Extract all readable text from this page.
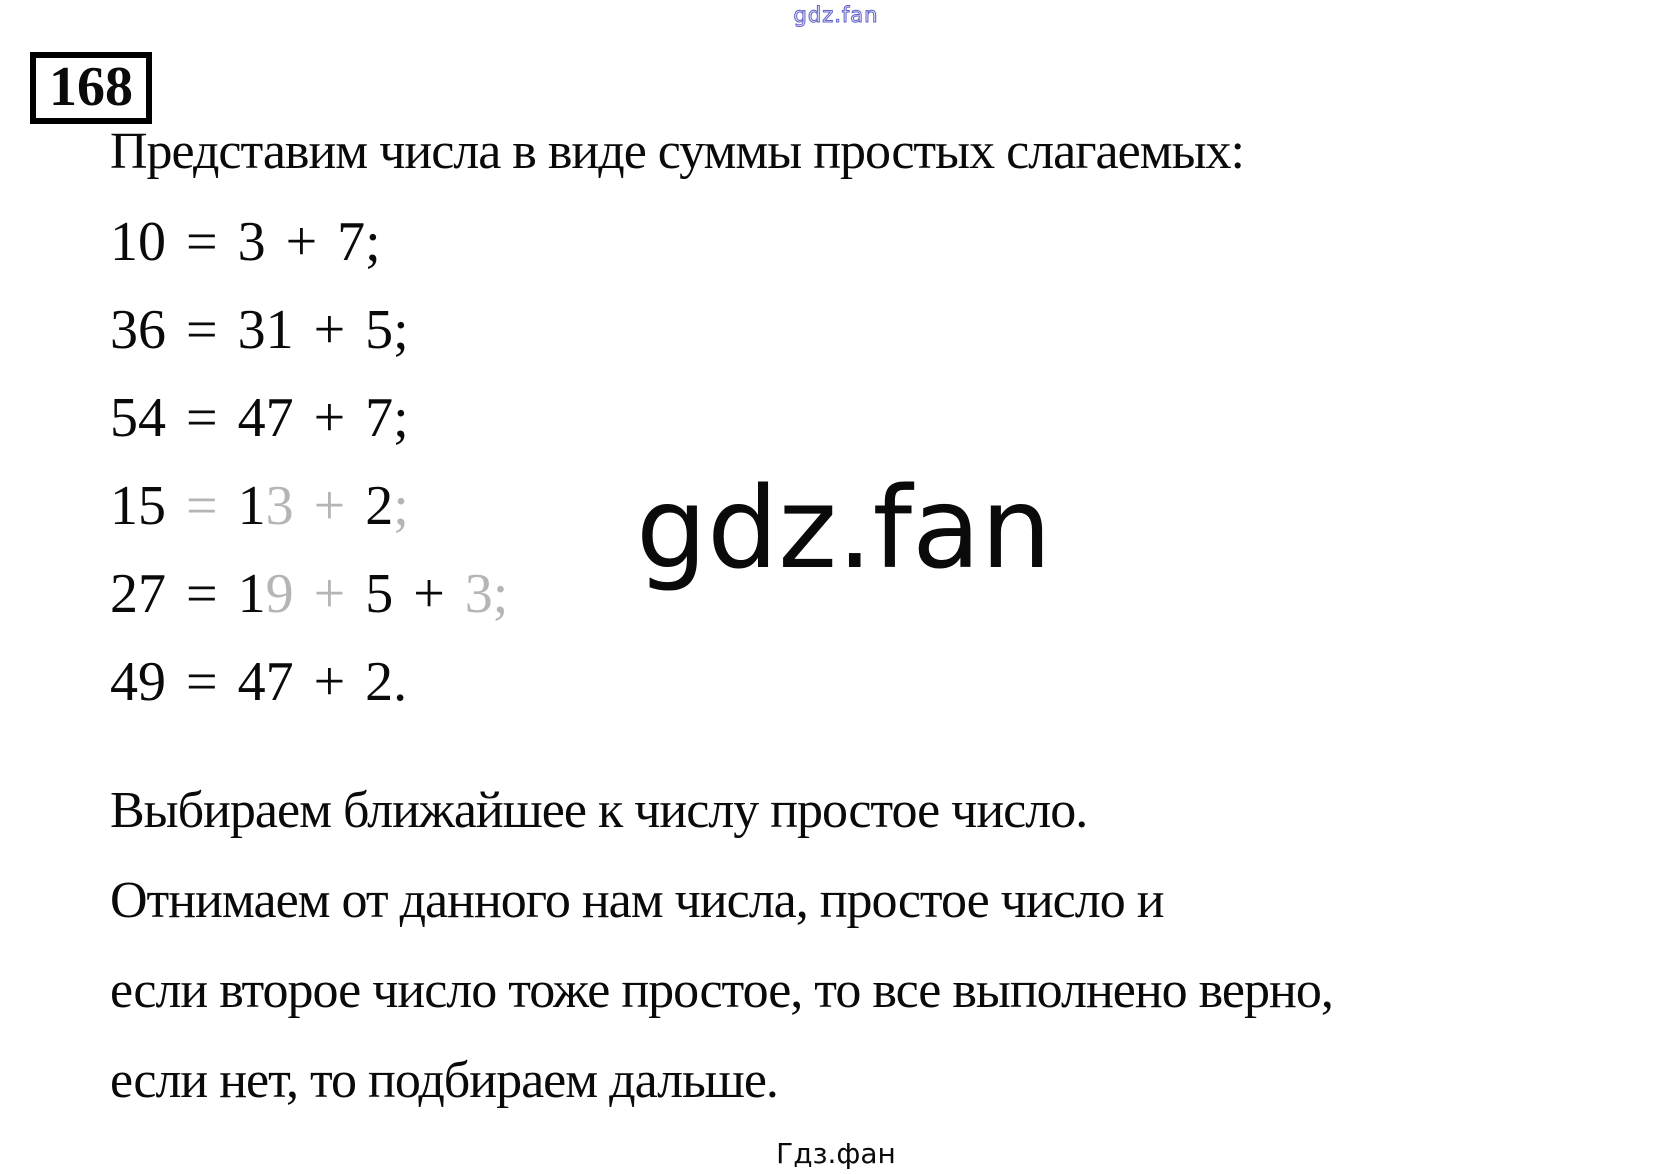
gdz.fan
168
Представим числа в виде суммы простых слагаемых:
10 = 3 + 7;
36 = 31 + 5;
54 = 47 + 7;
15 = 13 + 2;
27 = 19 + 5 + 3;
49 = 47 + 2.
gdz.fan
Выбираем ближайшее к числу простое число.
Отнимаем от данного нам числа, простое число и
если второе число тоже простое, то все выполнено верно,
если нет, то подбираем дальше.
Гдз.фан
